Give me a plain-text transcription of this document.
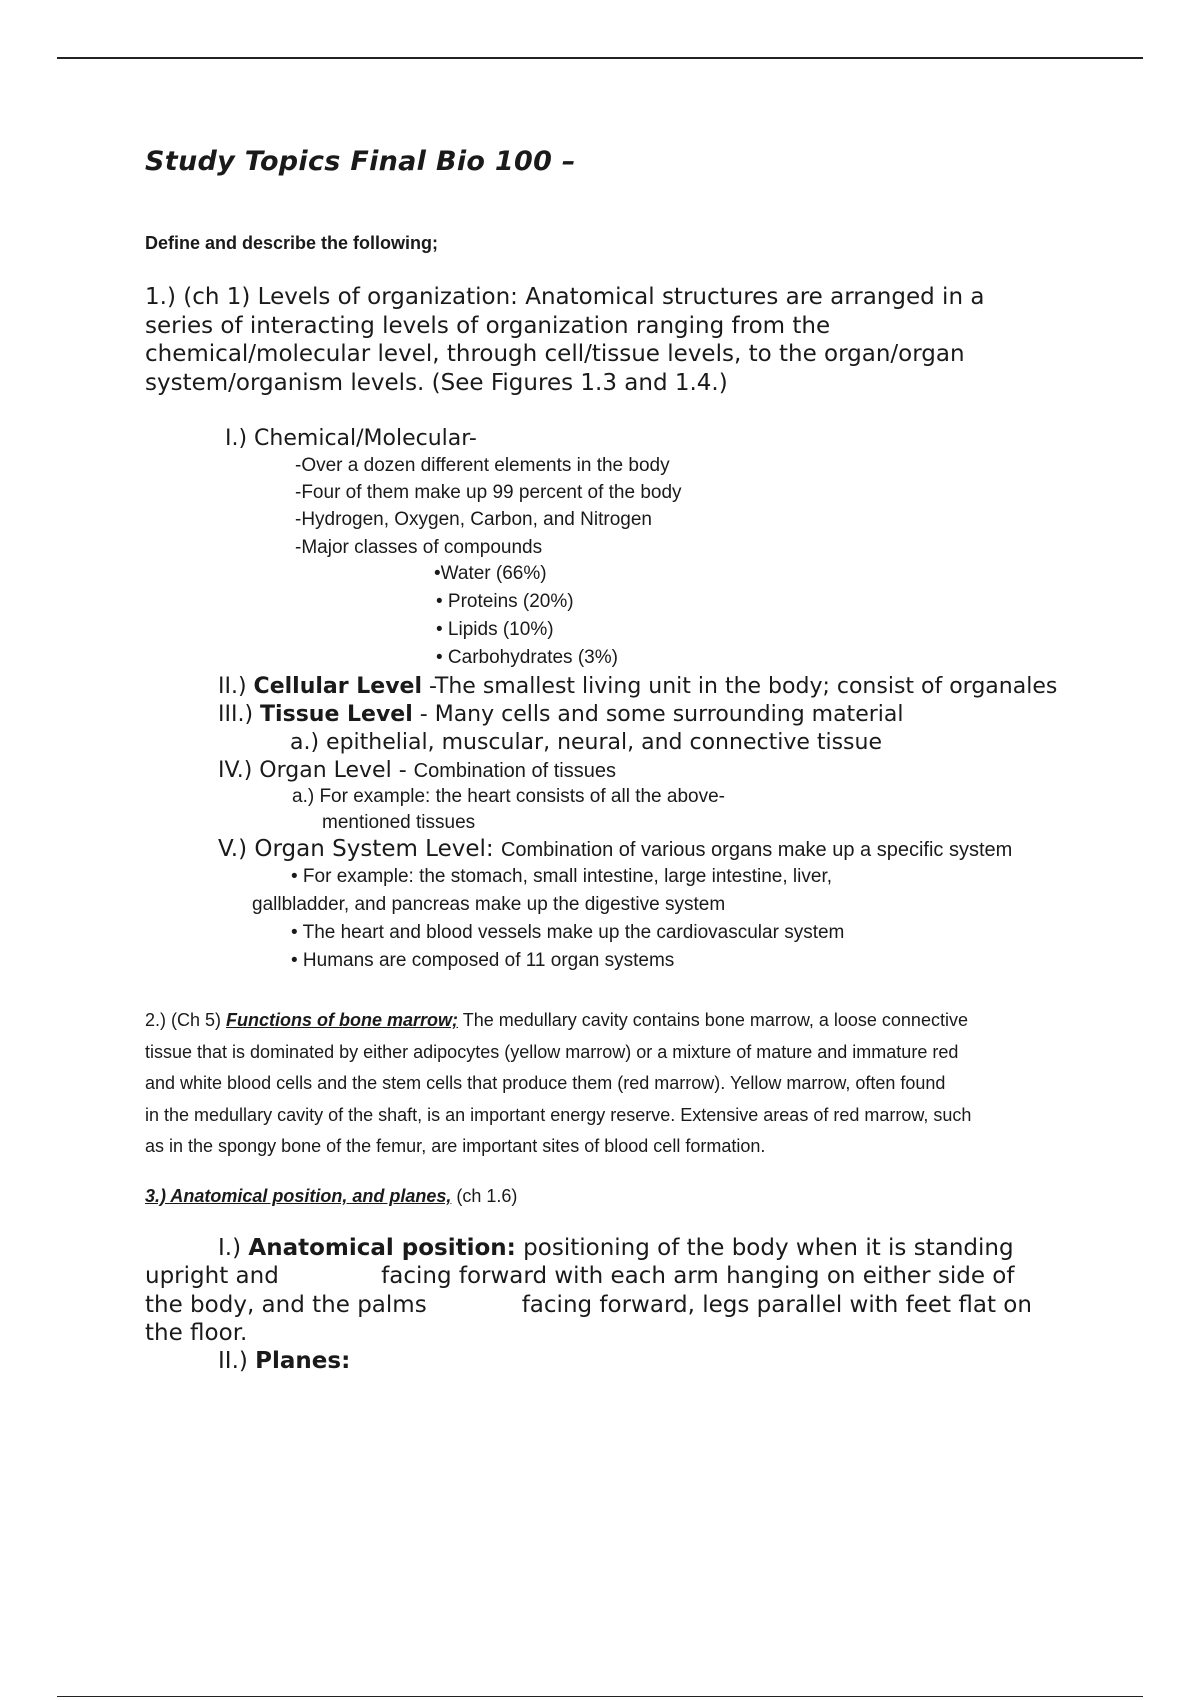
Study Topics Final Bio 100 –
Define and describe the following;
1.) (ch 1) Levels of organization: Anatomical structures are arranged in a
series of interacting levels of organization ranging from the
chemical/molecular level, through cell/tissue levels, to the organ/organ
system/organism levels. (See Figures 1.3 and 1.4.)
I.) Chemical/Molecular-
-Over a dozen different elements in the body
-Four of them make up 99 percent of the body
-Hydrogen, Oxygen, Carbon, and Nitrogen
-Major classes of compounds
•Water (66%)
• Proteins (20%)
• Lipids (10%)
• Carbohydrates (3%)
II.) Cellular Level -The smallest living unit in the body; consist of organales
III.) Tissue Level - Many cells and some surrounding material
a.) epithelial, muscular, neural, and connective tissue
IV.) Organ Level - Combination of tissues
a.) For example: the heart consists of all the above-
mentioned tissues
V.) Organ System Level: Combination of various organs make up a specific system
• For example: the stomach, small intestine, large intestine, liver,
gallbladder, and pancreas make up the digestive system
• The heart and blood vessels make up the cardiovascular system
• Humans are composed of 11 organ systems
2.) (Ch 5) Functions of bone marrow; The medullary cavity contains bone marrow, a loose connective
tissue that is dominated by either adipocytes (yellow marrow) or a mixture of mature and immature red
and white blood cells and the stem cells that produce them (red marrow). Yellow marrow, often found
in the medullary cavity of the shaft, is an important energy reserve. Extensive areas of red marrow, such
as in the spongy bone of the femur, are important sites of blood cell formation.
3.) Anatomical position, and planes, (ch 1.6)
I.) Anatomical position: positioning of the body when it is standing
upright and              facing forward with each arm hanging on either side of
the body, and the palms             facing forward, legs parallel with feet flat on
the floor.
II.) Planes:
